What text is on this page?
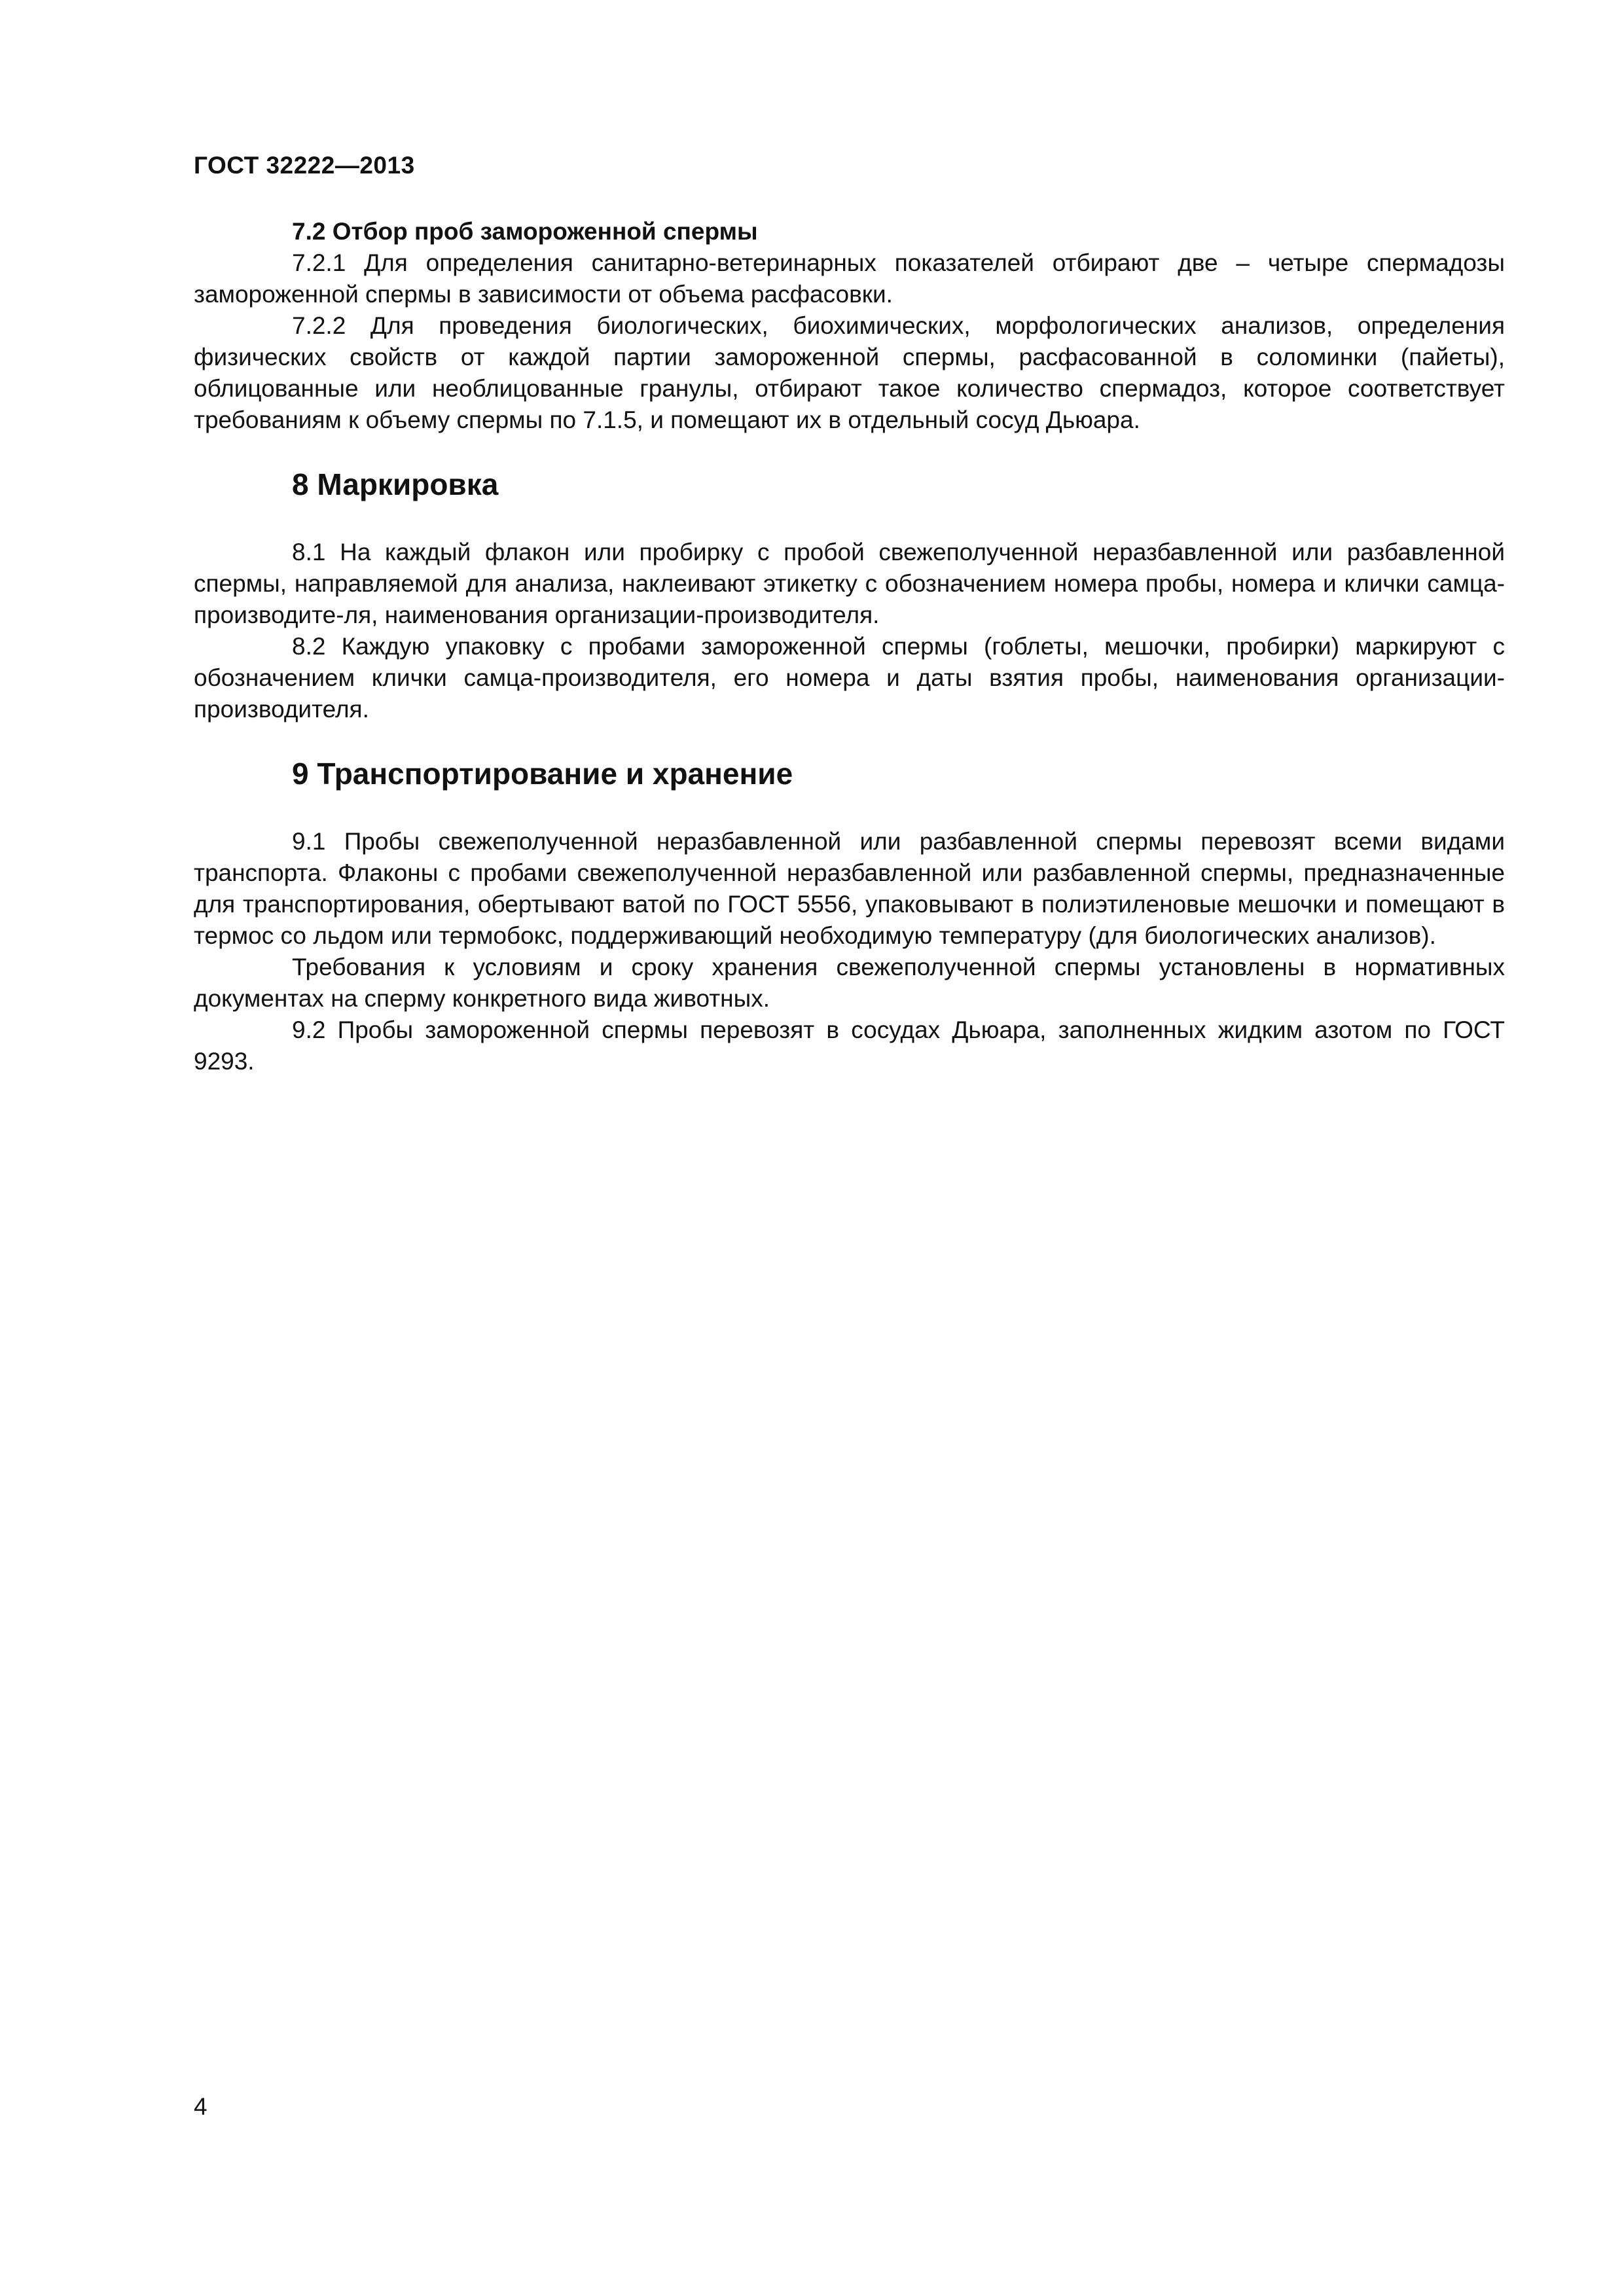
ГОСТ 32222—2013

7.2 Отбор проб замороженной спермы

7.2.1 Для определения санитарно-ветеринарных показателей отбирают две – четыре спермадозы замороженной спермы в зависимости от объема расфасовки.

7.2.2 Для проведения биологических, биохимических, морфологических анализов, определения физических свойств от каждой партии замороженной спермы, расфасованной в соломинки (пайеты), облицованные или необлицованные гранулы, отбирают такое количество спермадоз, которое соответствует требованиям к объему спермы по 7.1.5, и помещают их в отдельный сосуд Дьюара.

8 Маркировка

8.1 На каждый флакон или пробирку с пробой свежеполученной неразбавленной или разбавленной спермы, направляемой для анализа, наклеивают этикетку с обозначением номера пробы, номера и клички самца-производите-ля, наименования организации-производителя.

8.2 Каждую упаковку с пробами замороженной спермы (гоблеты, мешочки, пробирки) маркируют с обозначением клички самца-производителя, его номера и даты взятия пробы, наименования организации-производителя.

9 Транспортирование и хранение

9.1 Пробы свежеполученной неразбавленной или разбавленной спермы перевозят всеми видами транспорта. Флаконы с пробами свежеполученной неразбавленной или разбавленной спермы, предназначенные для транспортирования, обертывают ватой по ГОСТ 5556, упаковывают в полиэтиленовые мешочки и помещают в термос со льдом или термобокс, поддерживающий необходимую температуру (для биологических анализов).

Требования к условиям и сроку хранения свежеполученной спермы установлены в нормативных документах на сперму конкретного вида животных.

9.2 Пробы замороженной спермы перевозят в сосудах Дьюара, заполненных жидким азотом по ГОСТ 9293.

4
